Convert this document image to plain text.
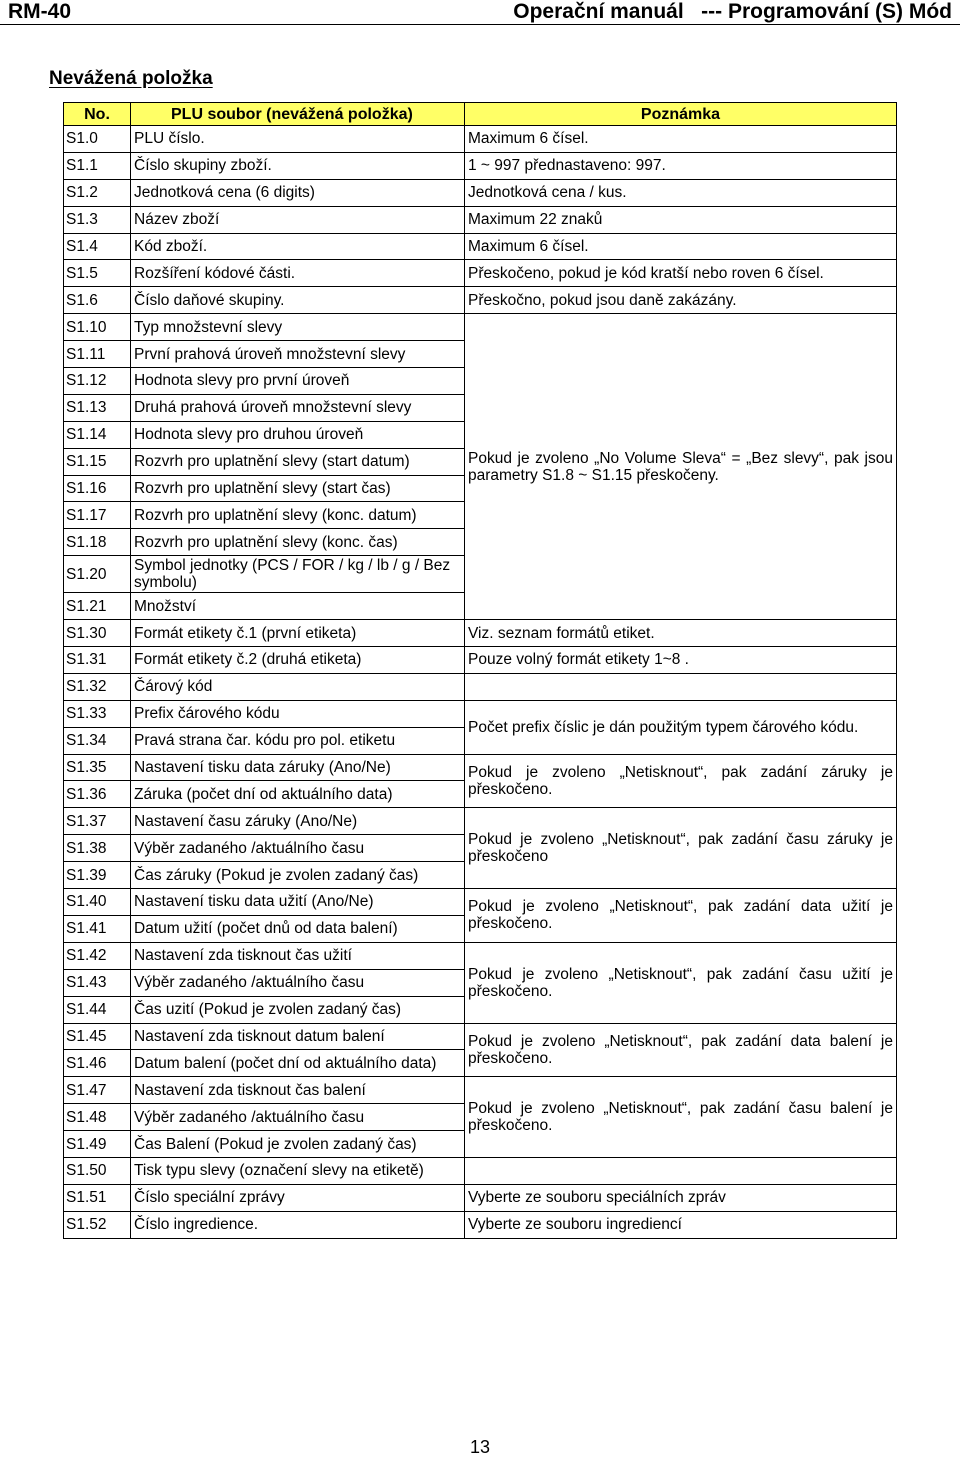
RM-40	Operační manuál   --- Programování (S) Mód
Nevážená položka
No.	PLU soubor (nevážená položka)	Poznámka
S1.0	PLU číslo.	Maximum 6 čísel.
S1.1	Číslo skupiny zboží.	1 ~ 997 přednastaveno: 997.
S1.2	Jednotková cena (6 digits)	Jednotková cena / kus.
S1.3	Název zboží	Maximum 22 znaků
S1.4	Kód zboží.	Maximum 6 čísel.
S1.5	Rozšíření kódové části.	Přeskočeno, pokud je kód kratší nebo roven 6 čísel.
S1.6	Číslo daňové skupiny.	Přeskočno, pokud jsou daně zakázány.
S1.10	Typ množstevní slevy	Pokud je zvoleno „No Volume Sleva“ = „Bez slevy“, pak jsou parametry S1.8 ~ S1.15 přeskočeny.
S1.11	První prahová úroveň množstevní slevy	
S1.12	Hodnota slevy pro první úroveň	
S1.13	Druhá prahová úroveň množstevní slevy	
S1.14	Hodnota slevy pro druhou úroveň	
S1.15	Rozvrh pro uplatnění slevy (start datum)	
S1.16	Rozvrh pro uplatnění slevy (start čas)	
S1.17	Rozvrh pro uplatnění slevy (konc. datum)	
S1.18	Rozvrh pro uplatnění slevy (konc. čas)	
S1.20	Symbol jednotky (PCS / FOR / kg / lb / g / Bez symbolu)	
S1.21	Množství	
S1.30	Formát etikety č.1 (první etiketa)	Viz. seznam formátů etiket.
S1.31	Formát etikety č.2 (druhá etiketa)	Pouze volný formát etikety 1~8 .
S1.32	Čárový kód	
S1.33	Prefix čárového kódu	Počet prefix číslic je dán použitým typem čárového kódu.
S1.34	Pravá strana čar. kódu pro pol. etiketu	
S1.35	Nastavení tisku data záruky (Ano/Ne)	Pokud je zvoleno „Netisknout“, pak zadání záruky je přeskočeno.
S1.36	Záruka (počet dní od aktuálního data)	
S1.37	Nastavení času záruky (Ano/Ne)	Pokud je zvoleno „Netisknout“, pak zadání času záruky je přeskočeno
S1.38	Výběr zadaného /aktuálního času	
S1.39	Čas záruky (Pokud je zvolen zadaný čas)	
S1.40	Nastavení tisku data užití (Ano/Ne)	Pokud je zvoleno „Netisknout“, pak zadání data užití je přeskočeno.
S1.41	Datum užití (počet dnů od data balení)	
S1.42	Nastavení zda tisknout čas užití	Pokud je zvoleno „Netisknout“, pak zadání času užití je přeskočeno.
S1.43	Výběr zadaného /aktuálního času	
S1.44	Čas uzití (Pokud je zvolen zadaný čas)	
S1.45	Nastavení zda tisknout datum balení	Pokud je zvoleno „Netisknout“, pak zadání data balení je přeskočeno.
S1.46	Datum balení (počet dní od aktuálního data)	
S1.47	Nastavení zda tisknout čas balení	Pokud je zvoleno „Netisknout“, pak zadání času balení je přeskočeno.
S1.48	Výběr zadaného /aktuálního času	
S1.49	Čas Balení (Pokud je zvolen zadaný čas)	
S1.50	Tisk typu slevy (označení slevy na etiketě)	
S1.51	Číslo speciální zprávy	Vyberte ze souboru speciálních zpráv
S1.52	Číslo ingredience.	Vyberte ze souboru ingrediencí
13
